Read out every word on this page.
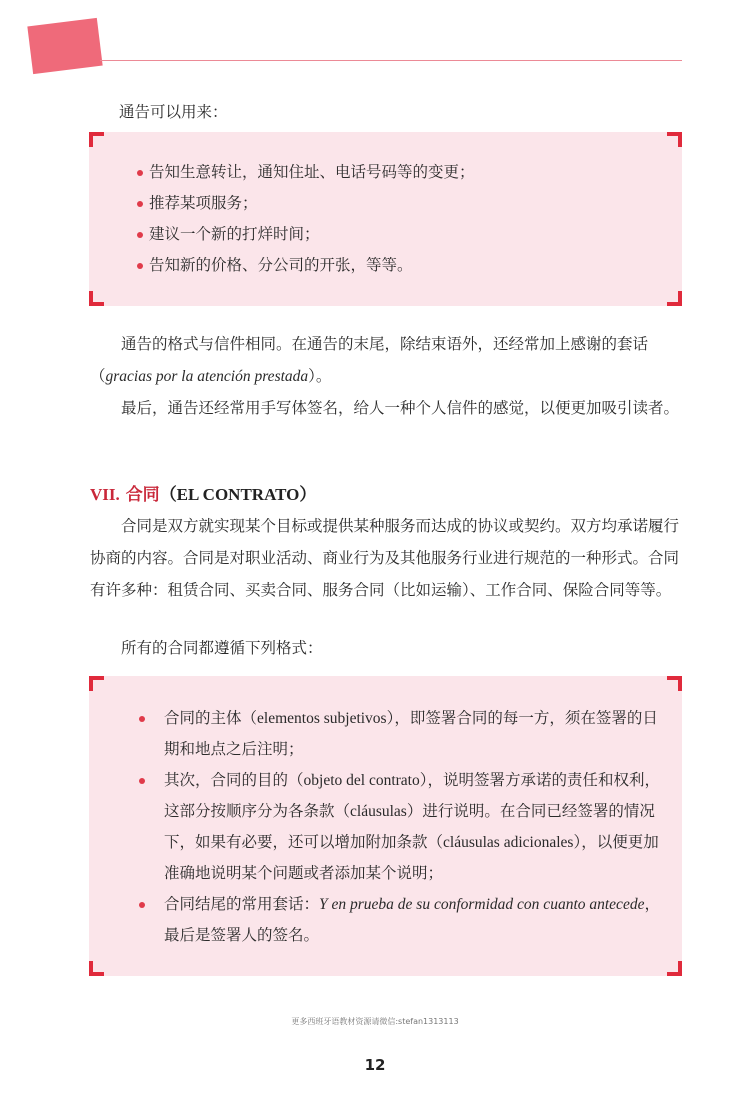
通告可以用来：

告知生意转让，通知住址、电话号码等的变更；
推荐某项服务；
建议一个新的打烊时间；
告知新的价格、分公司的开张，等等。

通告的格式与信件相同。在通告的末尾，除结束语外，还经常加上感谢的套话（gracias por la atención prestada）。

最后，通告还经常用手写体签名，给人一种个人信件的感觉，以便更加吸引读者。

VII. 合同（EL CONTRATO）

合同是双方就实现某个目标或提供某种服务而达成的协议或契约。双方均承诺履行协商的内容。合同是对职业活动、商业行为及其他服务行业进行规范的一种形式。合同有许多种：租赁合同、买卖合同、服务合同（比如运输）、工作合同、保险合同等等。

所有的合同都遵循下列格式：

合同的主体（elementos subjetivos），即签署合同的每一方，须在签署的日期和地点之后注明；
其次，合同的目的（objeto del contrato），说明签署方承诺的责任和权利，这部分按顺序分为各条款（cláusulas）进行说明。在合同已经签署的情况下，如果有必要，还可以增加附加条款（cláusulas adicionales），以便更加准确地说明某个问题或者添加某个说明；
合同结尾的常用套话：Y en prueba de su conformidad con cuanto antecede，最后是签署人的签名。
更多西班牙语教材资源请微信:stefan1313113
12
